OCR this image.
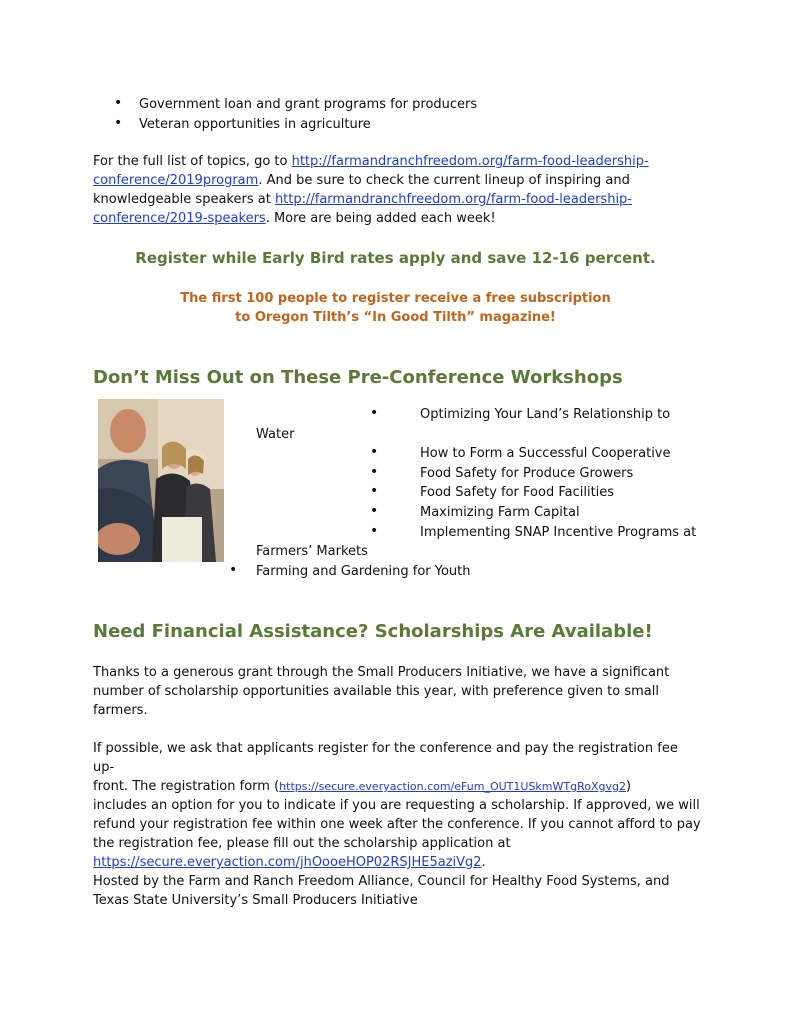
• Government loan and grant programs for producers
• Veteran opportunities in agriculture
For the full list of topics, go to http://farmandranchfreedom.org/farm-food-leadership-
conference/2019program. And be sure to check the current lineup of inspiring and
knowledgeable speakers at http://farmandranchfreedom.org/farm-food-leadership-
conference/2019-speakers. More are being added each week!
Register while Early Bird rates apply and save 12-16 percent.
The first 100 people to register receive a free subscription
to Oregon Tilth’s “In Good Tilth” magazine!
Don’t Miss Out on These Pre-Conference Workshops
•	Optimizing Your Land’s Relationship to
Water
•	How to Form a Successful Cooperative
•	Food Safety for Produce Growers
•	Food Safety for Food Facilities
•	Maximizing Farm Capital
•	Implementing SNAP Incentive Programs at
Farmers’ Markets
• Farming and Gardening for Youth
Need Financial Assistance? Scholarships Are Available!
Thanks to a generous grant through the Small Producers Initiative, we have a significant
number of scholarship opportunities available this year, with preference given to small
farmers.
If possible, we ask that applicants register for the conference and pay the registration fee up-
front. The registration form (https://secure.everyaction.com/eFum_OUT1USkmWTgRoXgvg2)
includes an option for you to indicate if you are requesting a scholarship. If approved, we will
refund your registration fee within one week after the conference. If you cannot afford to pay
the registration fee, please fill out the scholarship application at
https://secure.everyaction.com/jhOooeHOP02RSJHE5aziVg2.
Hosted by the Farm and Ranch Freedom Alliance, Council for Healthy Food Systems, and
Texas State University’s Small Producers Initiative
